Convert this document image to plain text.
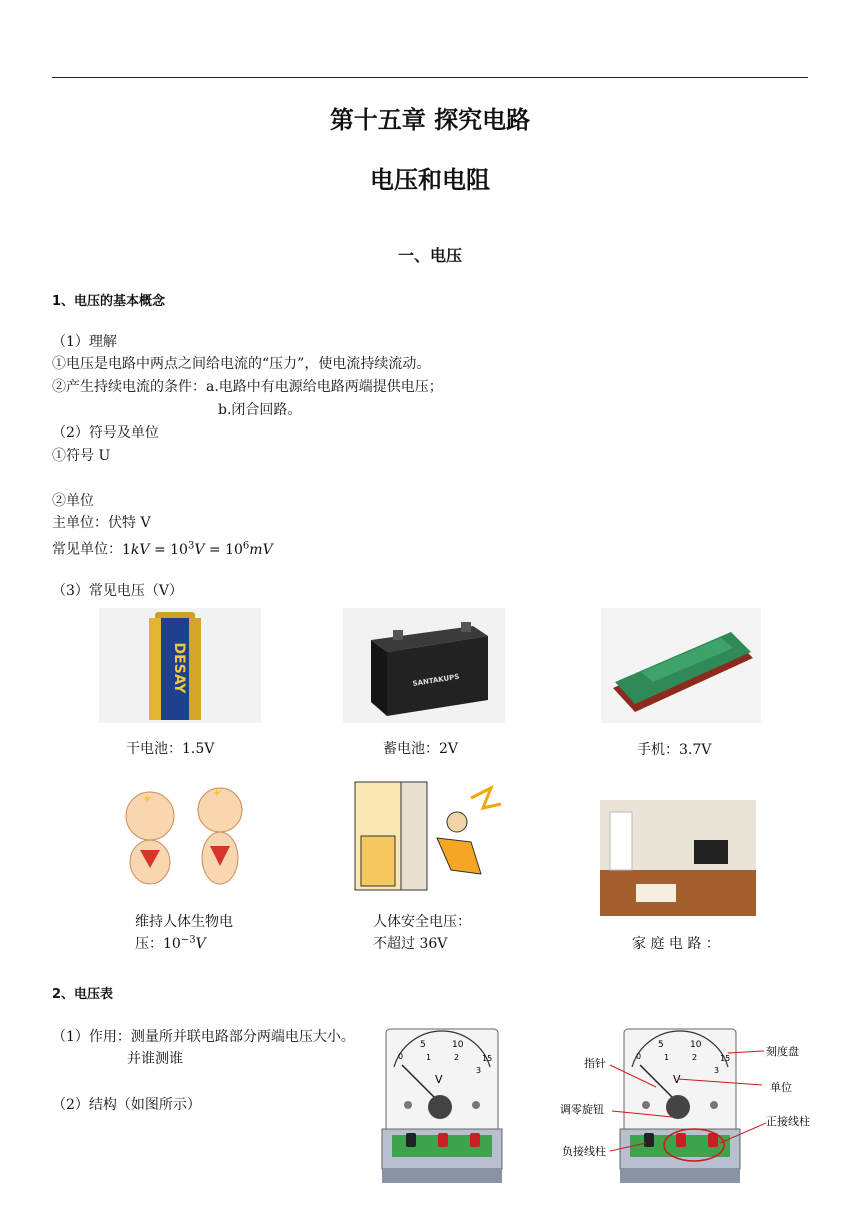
第十五章 探究电路
电压和电阻
一、电压
1、电压的基本概念
（1）理解
①电压是电路中两点之间给电流的“压力”，使电流持续流动。
②产生持续电流的条件：a.电路中有电源给电路两端提供电压；
b.闭合回路。
（2）符号及单位
①符号 U
②单位
主单位：伏特 V
常见单位：$1kV = 10^3V = 10^6mV$
（3）常见电压（V）
DESAY	SANTAKUPS
干电池：1.5V	蓄电池：2V	手机：3.7V
维持人体生物电
压：$10^{-3}V$
人体安全电压：
不超过 36V	家 庭 电 路 ：
2、电压表
（1）作用：测量所并联电路部分两端电压大小。
并谁测谁
（2）结构（如图所示）
5	10
1	2	15
3
0
V
5	10
1	2	15
3
0
V
刻度盘
单位
指针
调零旋钮
正接线柱
负接线柱
